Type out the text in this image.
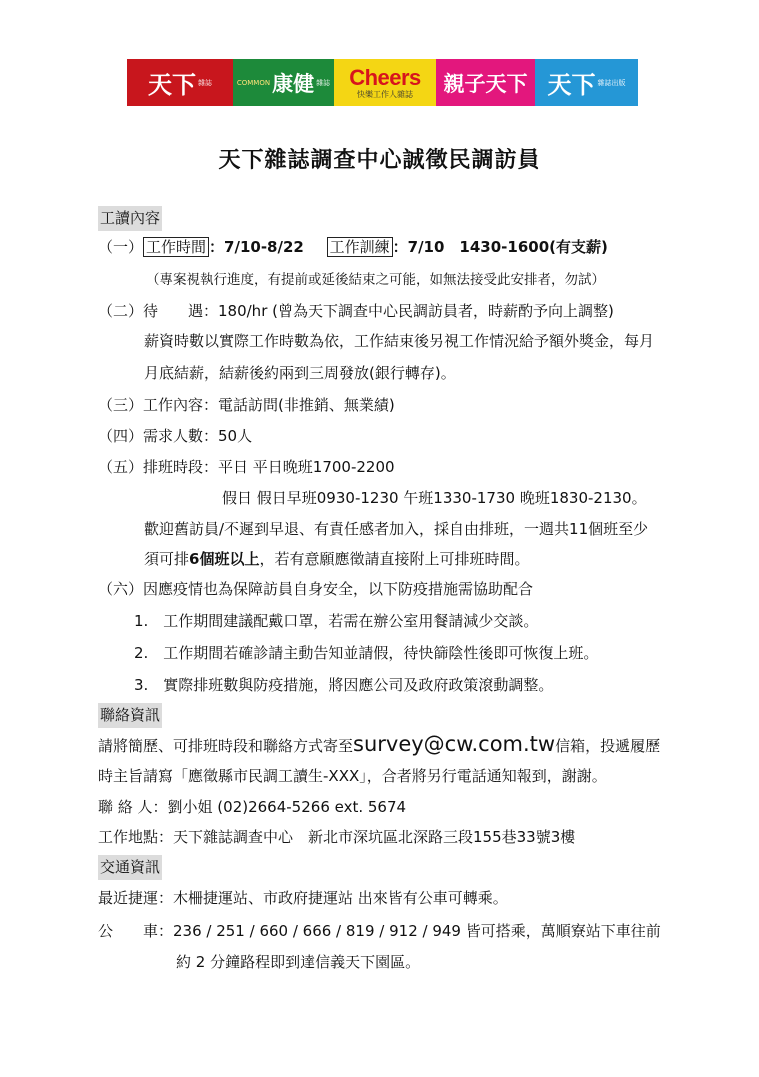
天下 雜誌	COMMON 康健 雜誌 Cheers
快樂工作人雜誌 親子天下 天下 雜誌出版
天下雜誌調查中心誠徵民調訪員
工讀內容
（一） 工作時間 ：7/10-8/22 工作訓練 ：7/10　1430-1600(有支薪)
（專案視執行進度，有提前或延後結束之可能，如無法接受此安排者，勿試）
（二）待　　遇：180/hr (曾為天下調查中心民調訪員者，時薪酌予向上調整)
薪資時數以實際工作時數為依，工作結束後另視工作情況給予額外獎金，每月
月底結薪，結薪後約兩到三周發放(銀行轉存)。
（三）工作內容：電話訪問(非推銷、無業績)
（四）需求人數：50人
（五）排班時段：平日 平日晚班1700-2200
假日 假日早班0930-1230 午班1330-1730 晚班1830-2130。
歡迎舊訪員/不遲到早退、有責任感者加入，採自由排班，一週共11個班至少
須可排6個班以上，若有意願應徵請直接附上可排班時間。
（六）因應疫情也為保障訪員自身安全，以下防疫措施需協助配合
1.　工作期間建議配戴口罩，若需在辦公室用餐請減少交談。
2.　工作期間若確診請主動告知並請假，待快篩陰性後即可恢復上班。
3.　實際排班數與防疫措施，將因應公司及政府政策滾動調整。
聯絡資訊
請將簡歷、可排班時段和聯絡方式寄至survey@cw.com.tw信箱，投遞履歷
時主旨請寫「應徵縣市民調工讀生-XXX」，合者將另行電話通知報到，謝謝。
聯 絡 人：劉小姐 (02)2664-5266 ext. 5674
工作地點：天下雜誌調查中心　新北市深坑區北深路三段155巷33號3樓
交通資訊
最近捷運：木柵捷運站、市政府捷運站 出來皆有公車可轉乘。
公　　車：236 / 251 / 660 / 666 / 819 / 912 / 949 皆可搭乘，萬順寮站下車往前
約 2 分鐘路程即到達信義天下園區。
